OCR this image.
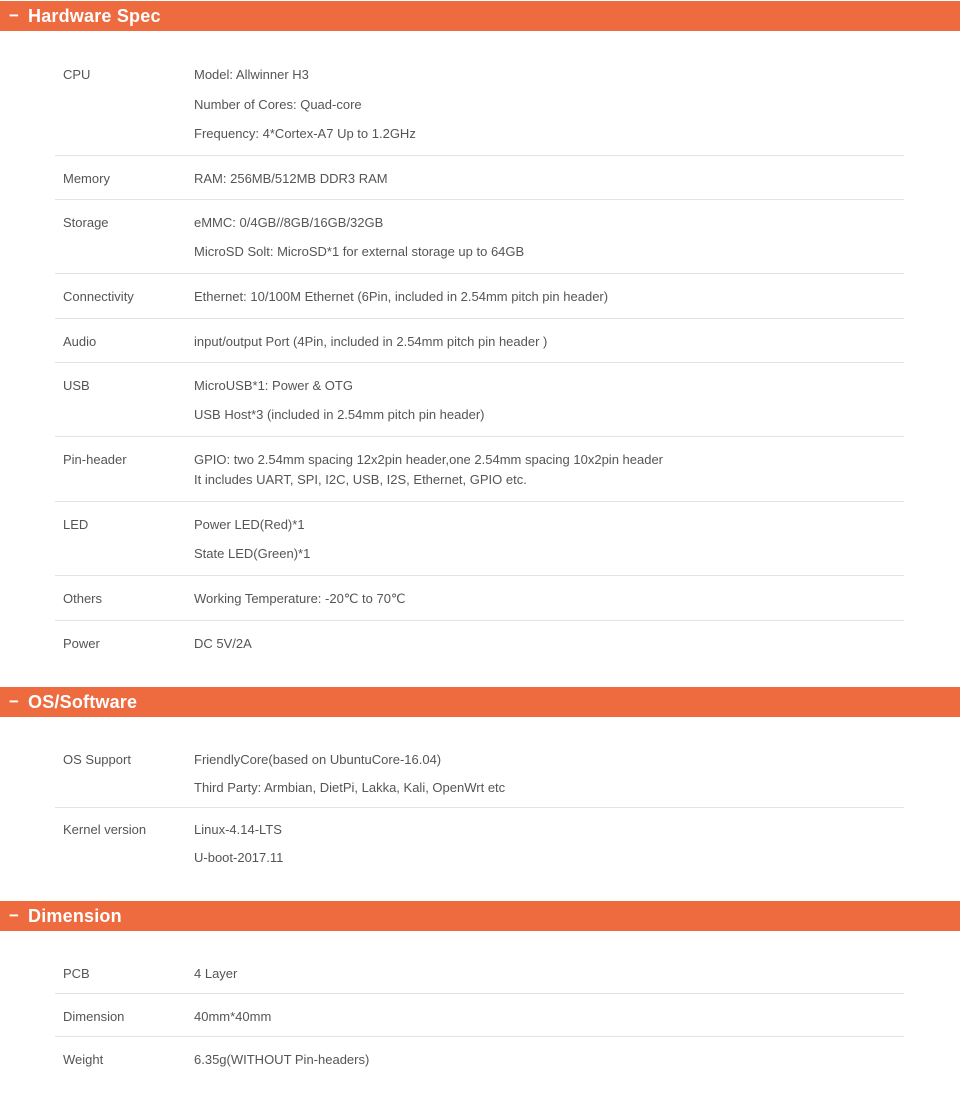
− Hardware Spec
− OS/Software
− Dimension
CPU	Model: Allwinner H3
Number of Cores: Quad-core
Frequency: 4*Cortex-A7 Up to 1.2GHz
Memory	RAM: 256MB/512MB DDR3 RAM
Storage	eMMC: 0/4GB//8GB/16GB/32GB
MicroSD Solt: MicroSD*1 for external storage up to 64GB
Connectivity	Ethernet: 10/100M Ethernet (6Pin, included in 2.54mm pitch pin header)
Audio	input/output Port (4Pin, included in 2.54mm pitch pin header )
USB	MicroUSB*1: Power & OTG
USB Host*3 (included in 2.54mm pitch pin header)
Pin-header	GPIO: two 2.54mm spacing 12x2pin header,one 2.54mm spacing 10x2pin header
It includes UART, SPI, I2C, USB, I2S, Ethernet, GPIO etc.
LED	Power LED(Red)*1
State LED(Green)*1
Others	Working Temperature: -20℃ to 70℃
Power	DC 5V/2A
OS Support	FriendlyCore(based on UbuntuCore-16.04)
Third Party: Armbian, DietPi, Lakka, Kali, OpenWrt etc
Kernel version	Linux-4.14-LTS
U-boot-2017.11
PCB	4 Layer
Dimension	40mm*40mm
Weight	6.35g(WITHOUT Pin-headers)
